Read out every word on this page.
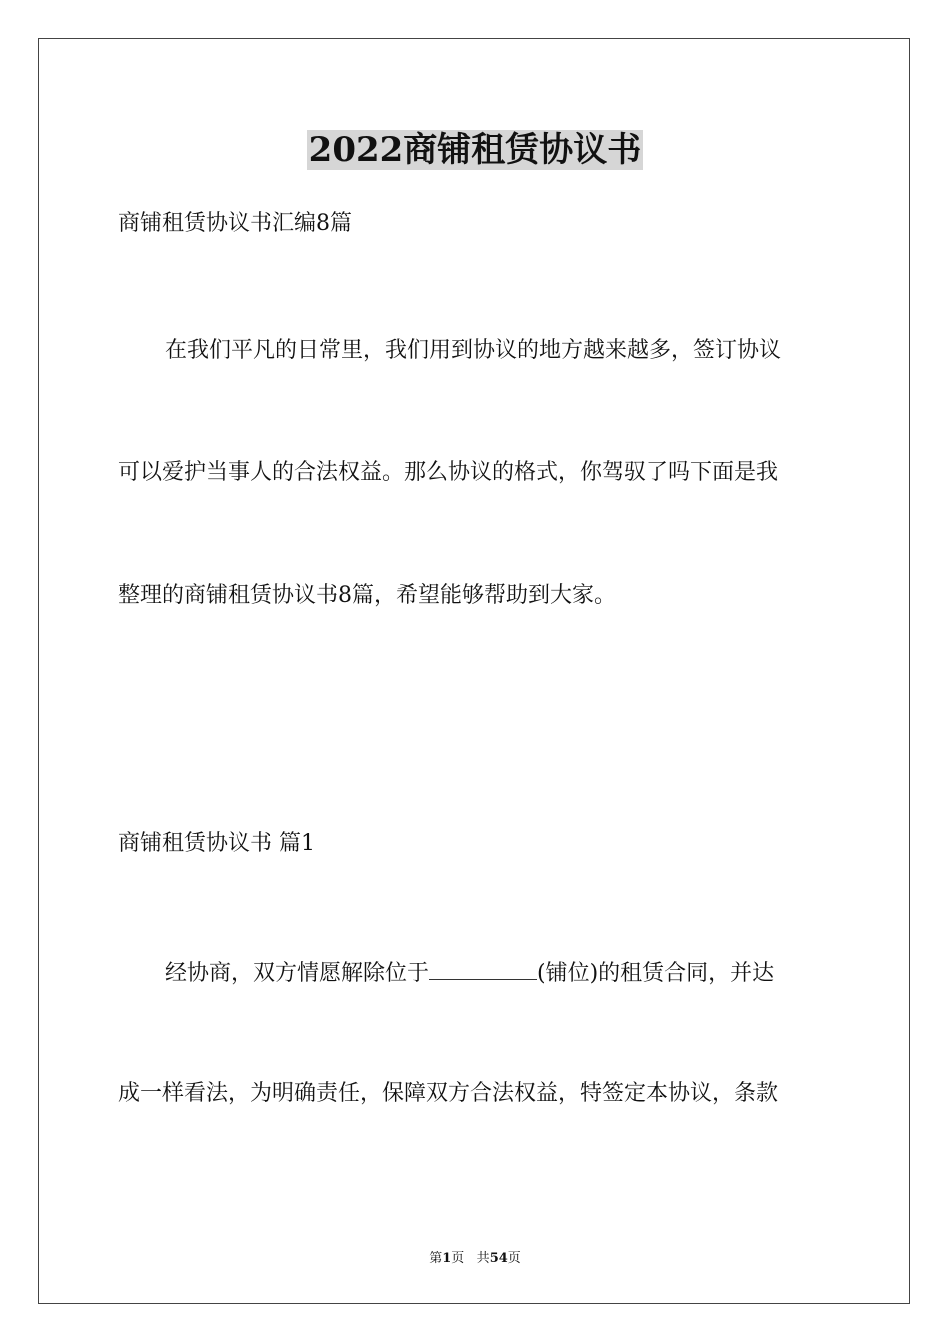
2022商铺租赁协议书
商铺租赁协议书汇编8篇
在我们平凡的日常里，我们用到协议的地方越来越多，签订协议
可以爱护当事人的合法权益。那么协议的格式，你驾驭了吗下面是我
整理的商铺租赁协议书8篇，希望能够帮助到大家。
商铺租赁协议书 篇1
经协商，双方情愿解除位于	(铺位)的租赁合同，并达
成一样看法，为明确责任，保障双方合法权益，特签定本协议，条款
第1页 共54页
